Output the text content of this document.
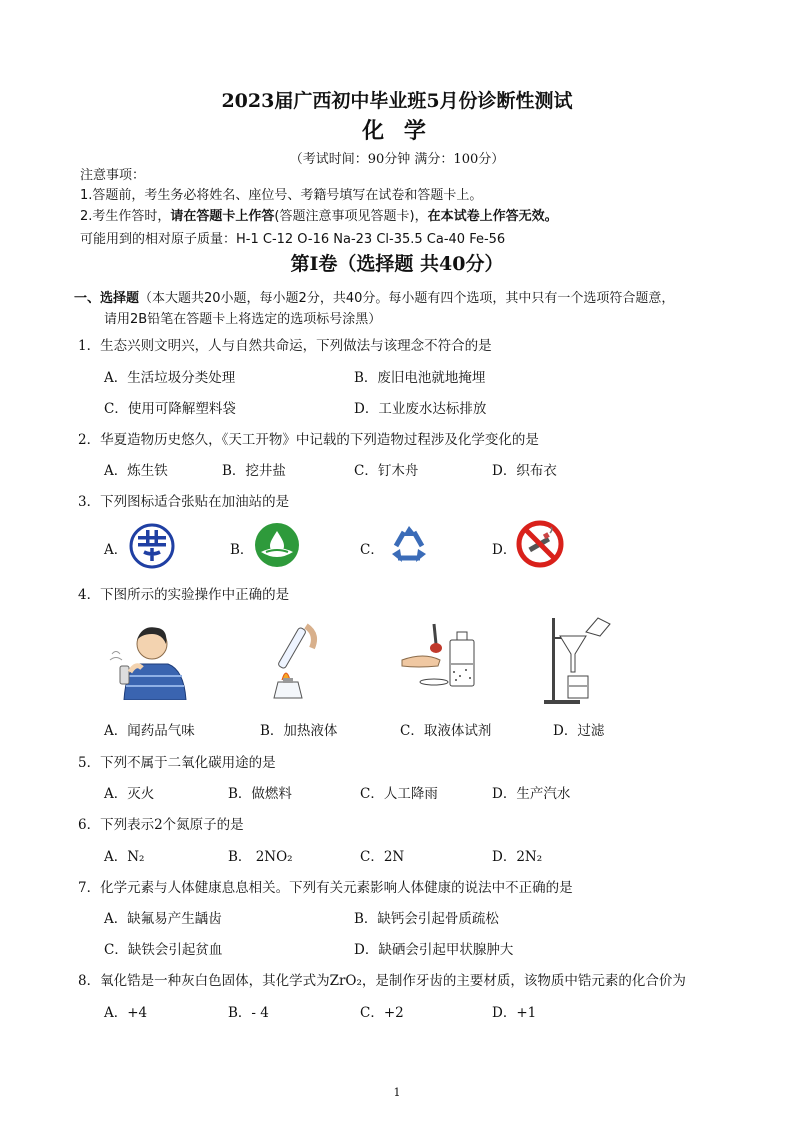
2023届广西初中毕业班5月份诊断性测试
化 学
（考试时间：90分钟 满分：100分）
注意事项：
1.答题前，考生务必将姓名、座位号、考籍号填写在试卷和答题卡上。
2.考生作答时，请在答题卡上作答(答题注意事项见答题卡)，在本试卷上作答无效。
可能用到的相对原子质量：H-1 C-12 O-16 Na-23 Cl-35.5 Ca-40 Fe-56
第Ⅰ卷（选择题 共40分）
一、选择题（本大题共20小题，每小题2分，共40分。每小题有四个选项，其中只有一个选项符合题意，
请用2B铅笔在答题卡上将选定的选项标号涂黑）
1．生态兴则文明兴，人与自然共命运，下列做法与该理念不符合的是
A．生活垃圾分类处理	B．废旧电池就地掩埋
C．使用可降解塑料袋	D．工业废水达标排放
2．华夏造物历史悠久，《天工开物》中记载的下列造物过程涉及化学变化的是
A．炼生铁	B．挖井盐	C．钉木舟	D．织布衣
3．下列图标适合张贴在加油站的是
A．	B．	C．	D．
4．下图所示的实验操作中正确的是
A．闻药品气味	B．加热液体	C．取液体试剂	D．过滤
5．下列不属于二氧化碳用途的是
A．灭火	B．做燃料	C．人工降雨	D．生产汽水
6．下列表示2个氮原子的是
A．N₂	B． 2NO₂	C．2N	D．2N₂
7．化学元素与人体健康息息相关。下列有关元素影响人体健康的说法中不正确的是
A．缺氟易产生龋齿	B．缺钙会引起骨质疏松
C．缺铁会引起贫血	D．缺硒会引起甲状腺肿大
8．氧化锆是一种灰白色固体，其化学式为ZrO₂，是制作牙齿的主要材质，该物质中锆元素的化合价为
A．+4	B．- 4	C．+2	D．+1
1
